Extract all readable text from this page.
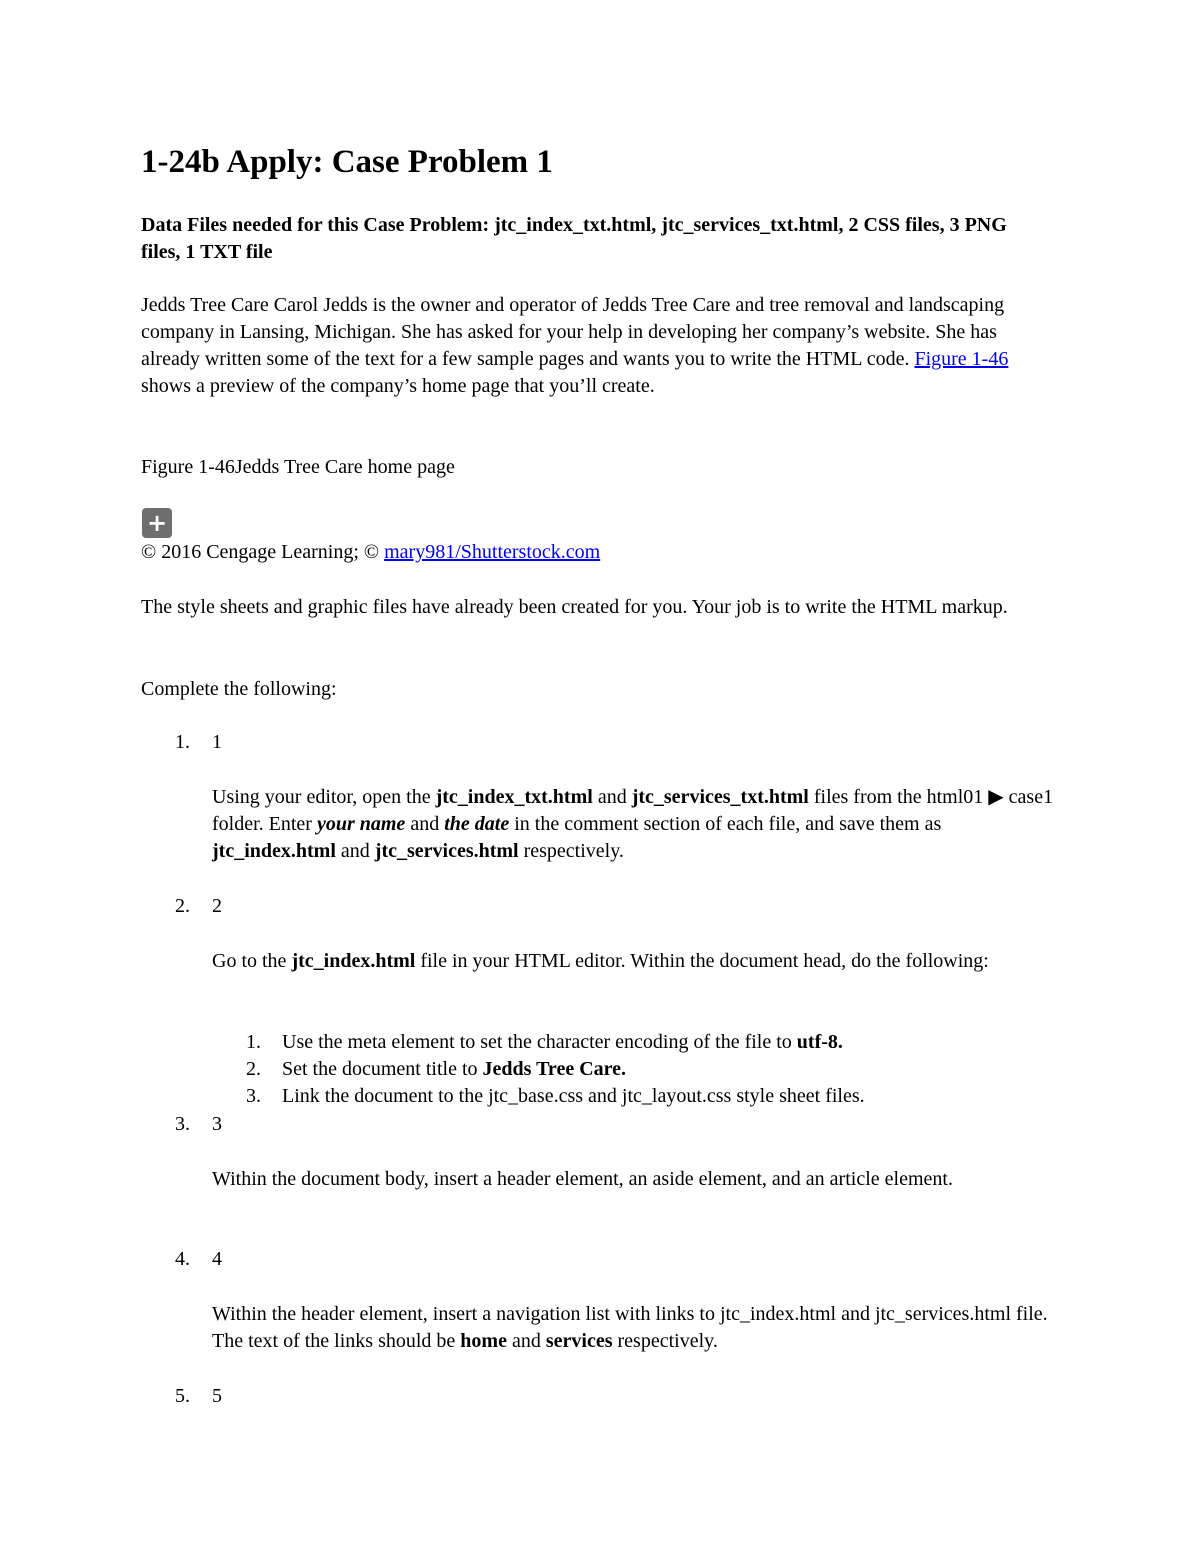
1-24b Apply: Case Problem 1

Data Files needed for this Case Problem: jtc_index_txt.html, jtc_services_txt.html, 2 CSS files, 3 PNG files, 1 TXT file

Jedds Tree Care Carol Jedds is the owner and operator of Jedds Tree Care and tree removal and landscaping company in Lansing, Michigan. She has asked for your help in developing her company’s website. She has already written some of the text for a few sample pages and wants you to write the HTML code. Figure 1-46 shows a preview of the company’s home page that you’ll create.

Figure 1-46Jedds Tree Care home page

+

© 2016 Cengage Learning; © mary981/Shutterstock.com

The style sheets and graphic files have already been created for you. Your job is to write the HTML markup.

Complete the following:

1. 1

Using your editor, open the jtc_index_txt.html and jtc_services_txt.html files from the html01 ▶ case1 folder. Enter your name and the date in the comment section of each file, and save them as jtc_index.html and jtc_services.html respectively.

2. 2

Go to the jtc_index.html file in your HTML editor. Within the document head, do the following:

1. Use the meta element to set the character encoding of the file to utf-8.
2. Set the document title to Jedds Tree Care.
3. Link the document to the jtc_base.css and jtc_layout.css style sheet files.
3. 3

Within the document body, insert a header element, an aside element, and an article element.

4. 4

Within the header element, insert a navigation list with links to jtc_index.html and jtc_services.html file. The text of the links should be home and services respectively.

5. 5
